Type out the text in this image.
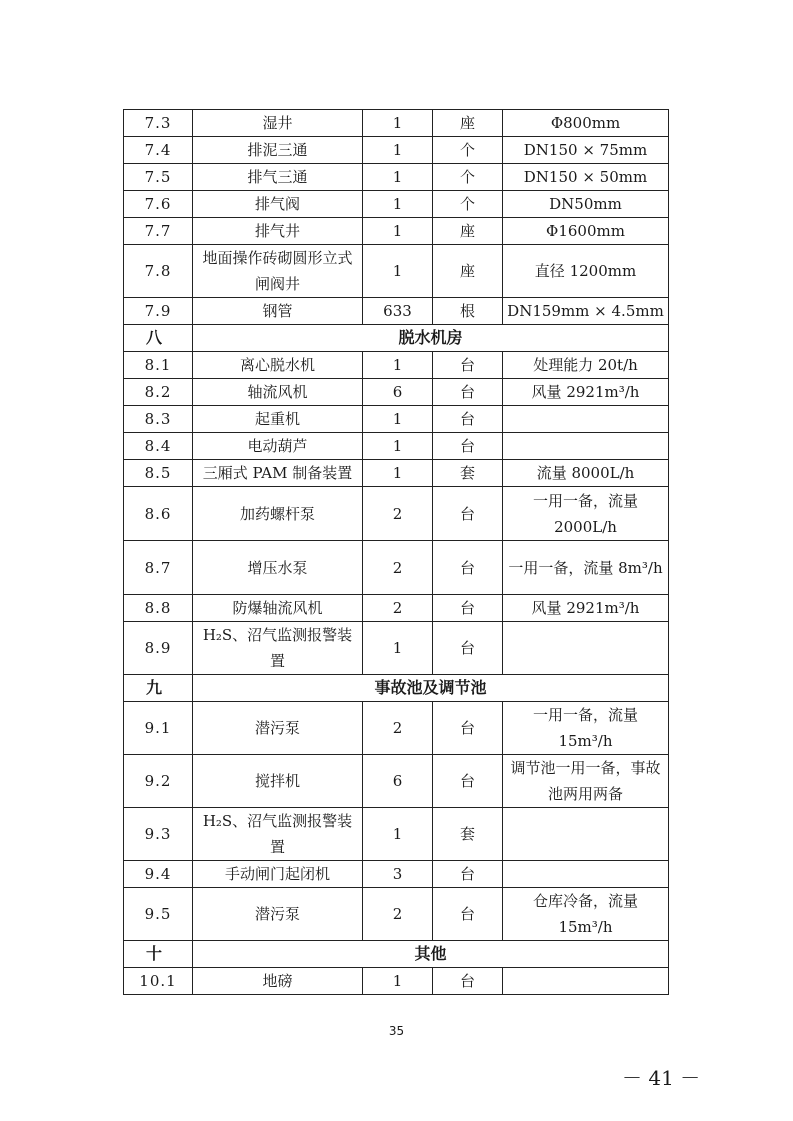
7.3	湿井	1	座	Φ800mm
7.4	排泥三通	1	个	DN150 × 75mm
7.5	排气三通	1	个	DN150 × 50mm
7.6	排气阀	1	个	DN50mm
7.7	排气井	1	座	Φ1600mm
7.8	地面操作砖砌圆形立式闸阀井	1	座	直径 1200mm
7.9	钢管	633	根	DN159mm × 4.5mm
八	脱水机房			
8.1	离心脱水机	1	台	处理能力 20t/h
8.2	轴流风机	6	台	风量 2921m³/h
8.3	起重机	1	台	
8.4	电动葫芦	1	台	
8.5	三厢式 PAM 制备装置	1	套	流量 8000L/h
8.6	加药螺杆泵	2	台	一用一备，流量 2000L/h
8.7	增压水泵	2	台	一用一备，流量 8m³/h
8.8	防爆轴流风机	2	台	风量 2921m³/h
8.9	H₂S、沼气监测报警装置	1	台	
九	事故池及调节池			
9.1	潜污泵	2	台	一用一备，流量 15m³/h
9.2	搅拌机	6	台	调节池一用一备，事故池两用两备
9.3	H₂S、沼气监测报警装置	1	套	
9.4	手动闸门起闭机	3	台	
9.5	潜污泵	2	台	仓库冷备，流量 15m³/h
十	其他			
10.1	地磅	1	台	
35
－ 41 －
